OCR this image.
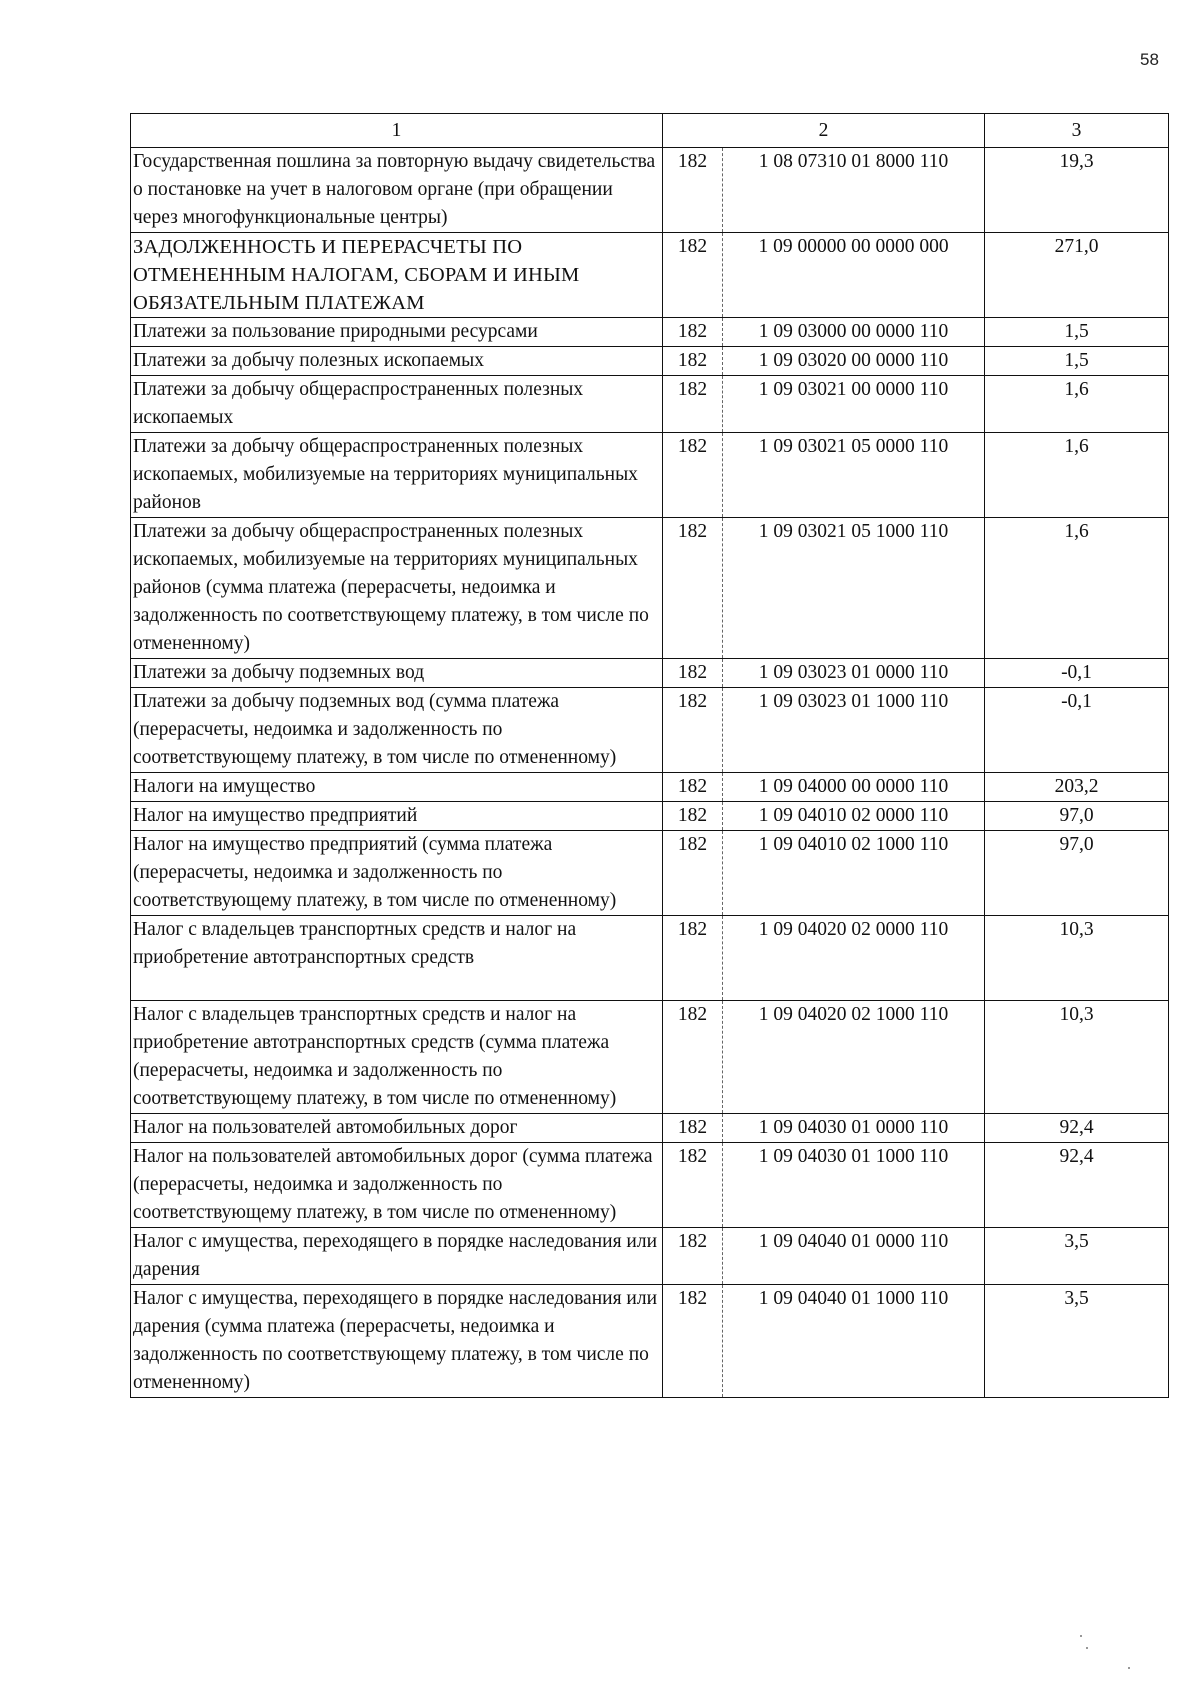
58
1	2		3
Государственная пошлина за повторную выдачу свидетельства о постановке на учет в налоговом органе (при обращении через многофункциональные центры)	182	1 08 07310 01 8000 110	19,3
ЗАДОЛЖЕННОСТЬ И ПЕРЕРАСЧЕТЫ ПО ОТМЕНЕННЫМ НАЛОГАМ, СБОРАМ И ИНЫМ ОБЯЗАТЕЛЬНЫМ ПЛАТЕЖАМ	182	1 09 00000 00 0000 000	271,0
Платежи за пользование природными ресурсами	182	1 09 03000 00 0000 110	1,5
Платежи за добычу полезных ископаемых	182	1 09 03020 00 0000 110	1,5
Платежи за добычу общераспространенных полезных ископаемых	182	1 09 03021 00 0000 110	1,6
Платежи за добычу общераспространенных полезных ископаемых, мобилизуемые на территориях муниципальных районов	182	1 09 03021 05 0000 110	1,6
Платежи за добычу общераспространенных полезных ископаемых, мобилизуемые на территориях муниципальных районов (сумма платежа (перерасчеты, недоимка и задолженность по соответствующему платежу, в том числе по отмененному)	182	1 09 03021 05 1000 110	1,6
Платежи за добычу подземных вод	182	1 09 03023 01 0000 110	-0,1
Платежи за добычу подземных вод (сумма платежа (перерасчеты, недоимка и задолженность по соответствующему платежу, в том числе по отмененному)	182	1 09 03023 01 1000 110	-0,1
Налоги на имущество	182	1 09 04000 00 0000 110	203,2
Налог на имущество предприятий	182	1 09 04010 02 0000 110	97,0
Налог на имущество предприятий (сумма платежа (перерасчеты, недоимка и задолженность по соответствующему платежу, в том числе по отмененному)	182	1 09 04010 02 1000 110	97,0
Налог с владельцев транспортных средств и налог на приобретение автотранспортных средств	182	1 09 04020 02 0000 110	10,3
Налог с владельцев транспортных средств и налог на приобретение автотранспортных средств (сумма платежа (перерасчеты, недоимка и задолженность по соответствующему платежу, в том числе по отмененному)	182	1 09 04020 02 1000 110	10,3
Налог на пользователей автомобильных дорог	182	1 09 04030 01 0000 110	92,4
Налог на пользователей автомобильных дорог (сумма платежа (перерасчеты, недоимка и задолженность по соответствующему платежу, в том числе по отмененному)	182	1 09 04030 01 1000 110	92,4
Налог с имущества, переходящего в порядке наследования или дарения	182	1 09 04040 01 0000 110	3,5
Налог с имущества, переходящего в порядке наследования или дарения (сумма платежа (перерасчеты, недоимка и задолженность по соответствующему платежу, в том числе по отмененному)	182	1 09 04040 01 1000 110	3,5
